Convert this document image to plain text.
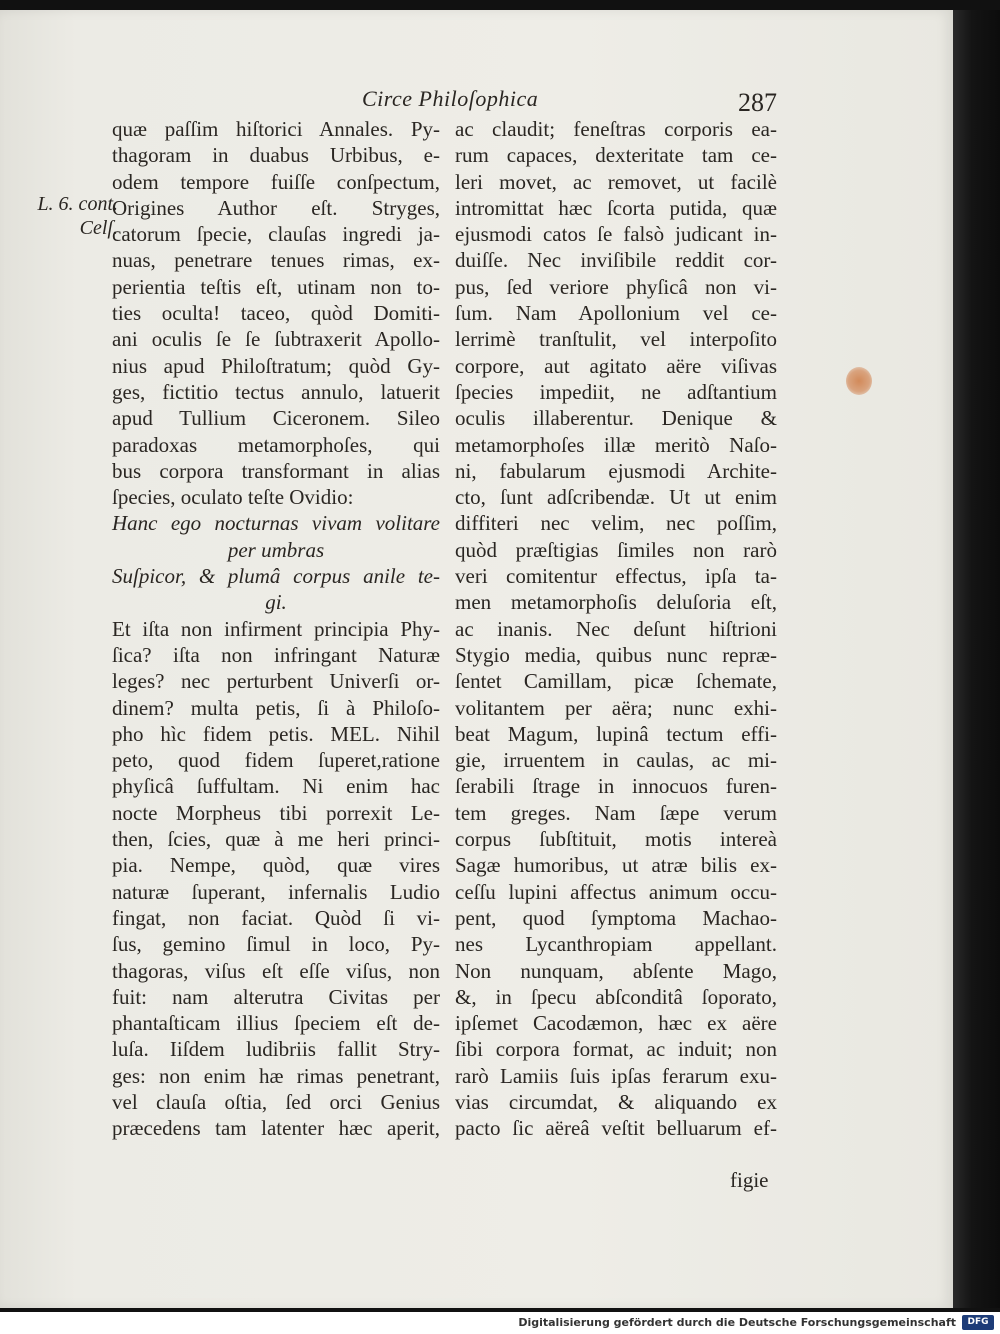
Circe Philoſophica	287
L. 6. cont.
Celſ.
quæ paſſim hiſtorici Annales. Py-
thagoram in duabus Urbibus, e-
odem tempore fuiſſe conſpectum,
Origines Author eſt. Stryges,
catorum ſpecie, clauſas ingredi ja-
nuas, penetrare tenues rimas, ex-
perientia teſtis eſt, utinam non to-
ties oculta! taceo, quòd Domiti-
ani oculis ſe ſe ſubtraxerit Apollo-
nius apud Philoſtratum; quòd Gy-
ges, fictitio tectus annulo, latuerit
apud Tullium Ciceronem. Sileo
paradoxas metamorphoſes, qui
bus corpora transformant in alias
ſpecies, oculato teſte Ovidio:
Hanc ego nocturnas vivam volitare
per umbras
Suſpicor, & plumâ corpus anile te-
gi.
Et iſta non infirment principia Phy-
ſica? iſta non infringant Naturæ
leges? nec perturbent Univerſi or-
dinem? multa petis, ſi à Philoſo-
pho hìc fidem petis. MEL. Nihil
peto, quod fidem ſuperet,ratione
phyſicâ ſuffultam. Ni enim hac
nocte Morpheus tibi porrexit Le-
then, ſcies, quæ à me heri princi-
pia. Nempe, quòd, quæ vires
naturæ ſuperant, infernalis Ludio
fingat, non faciat. Quòd ſi vi-
ſus, gemino ſimul in loco, Py-
thagoras, viſus eſt eſſe viſus, non
fuit: nam alterutra Civitas per
phantaſticam illius ſpeciem eſt de-
luſa. Iiſdem ludibriis fallit Stry-
ges: non enim hæ rimas penetrant,
vel clauſa oſtia, ſed orci Genius
præcedens tam latenter hæc aperit,
ac claudit; feneſtras corporis ea-
rum capaces, dexteritate tam ce-
leri movet, ac removet, ut facilè
intromittat hæc ſcorta putida, quæ
ejusmodi catos ſe falsò judicant in-
duiſſe. Nec inviſibile reddit cor-
pus, ſed veriore phyſicâ non vi-
ſum. Nam Apollonium vel ce-
lerrimè tranſtulit, vel interpoſito
corpore, aut agitato aëre viſivas
ſpecies impediit, ne adſtantium
oculis illaberentur. Denique &
metamorphoſes illæ meritò Naſo-
ni, fabularum ejusmodi Archite-
cto, ſunt adſcribendæ. Ut ut enim
diffiteri nec velim, nec poſſim,
quòd præſtigias ſimiles non rarò
veri comitentur effectus, ipſa ta-
men metamorphoſis deluſoria eſt,
ac inanis. Nec deſunt hiſtrioni
Stygio media, quibus nunc repræ-
ſentet Camillam, picæ ſchemate,
volitantem per aëra; nunc exhi-
beat Magum, lupinâ tectum effi-
gie, irruentem in caulas, ac mi-
ſerabili ſtrage in innocuos furen-
tem greges. Nam ſæpe verum
corpus ſubſtituit, motis intereà
Sagæ humoribus, ut atræ bilis ex-
ceſſu lupini affectus animum occu-
pent, quod ſymptoma Machao-
nes Lycanthropiam appellant.
Non nunquam, abſente Mago,
&, in ſpecu abſconditâ ſoporato,
ipſemet Cacodæmon, hæc ex aëre
ſibi corpora format, ac induit; non
rarò Lamiis ſuis ipſas ferarum exu-
vias circumdat, & aliquando ex
pacto ſic aëreâ veſtit belluarum ef-
figie
Digitalisierung gefördert durch die Deutsche Forschungsgemeinschaft	DFG
